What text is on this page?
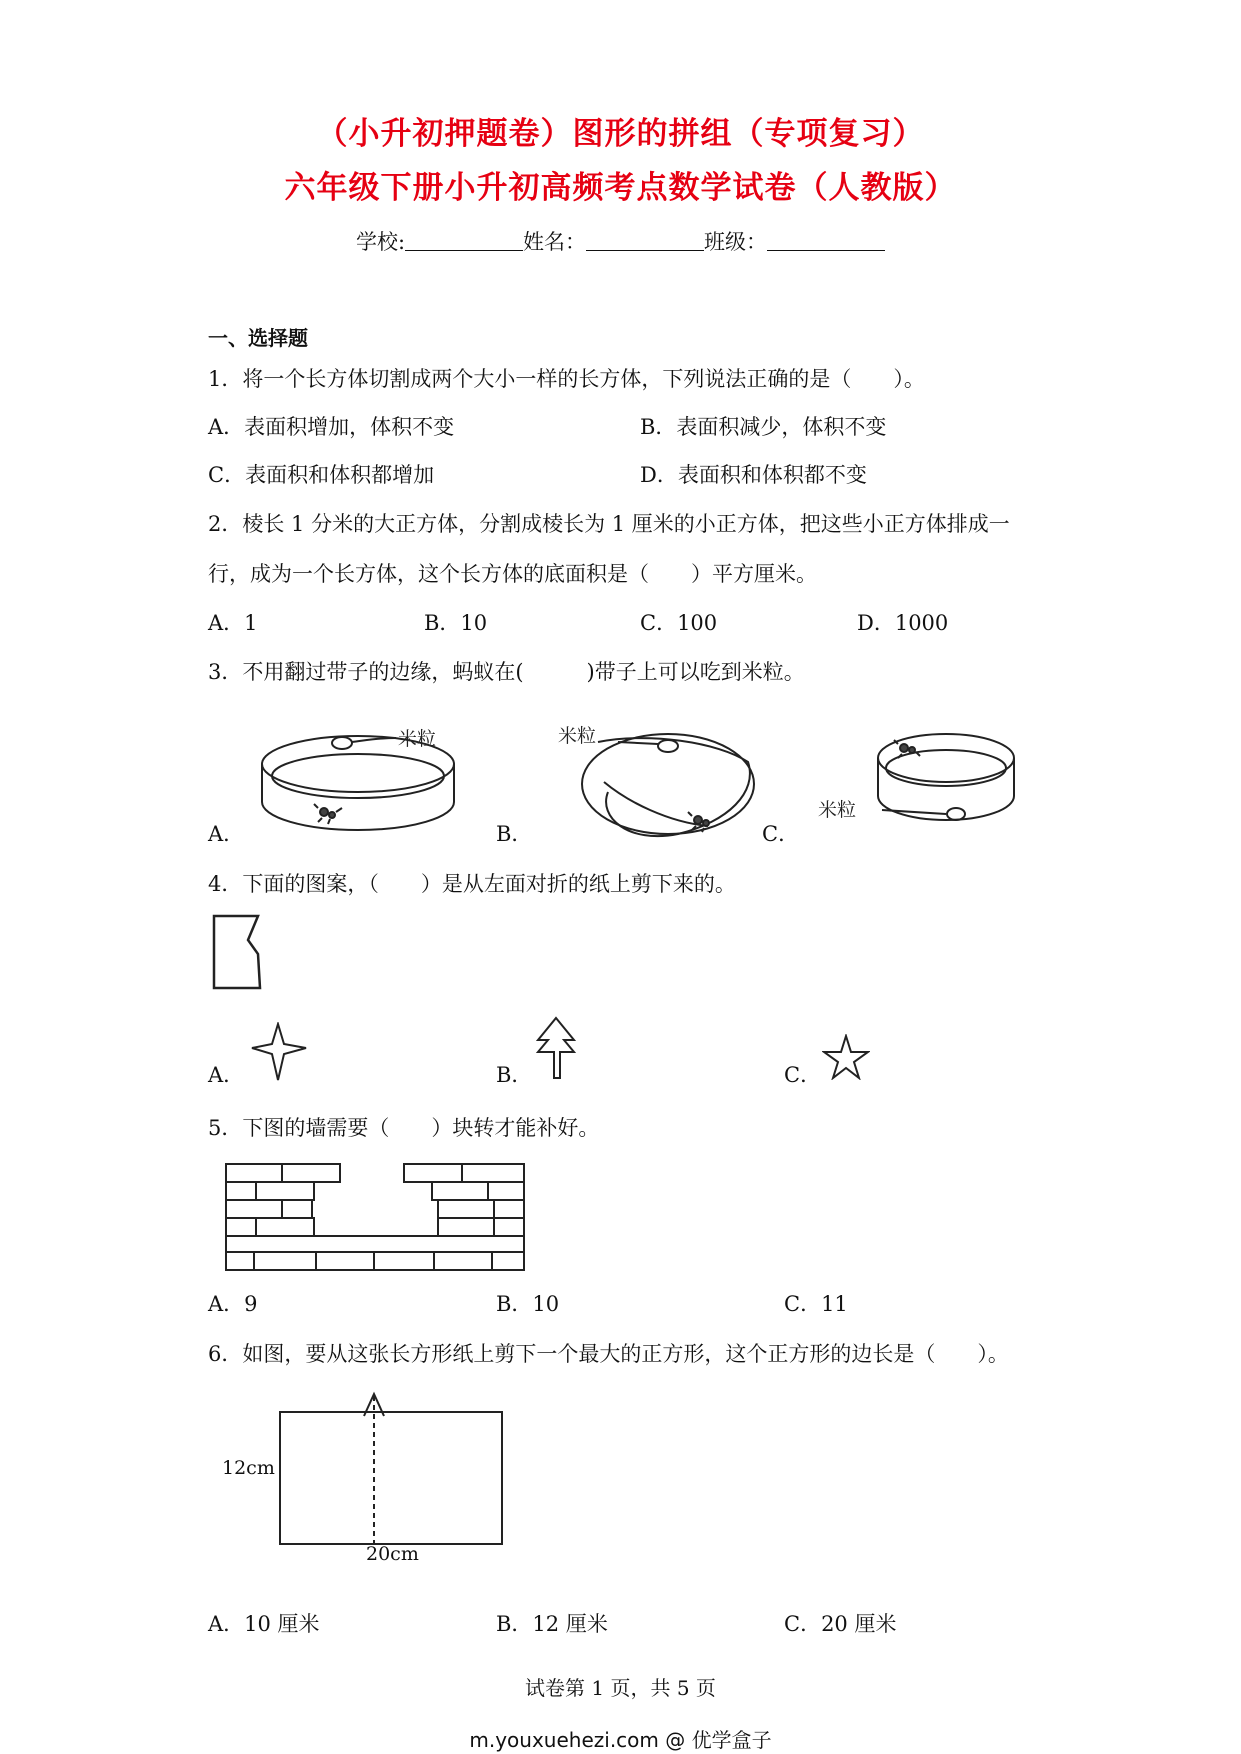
（小升初押题卷）图形的拼组（专项复习）
六年级下册小升初高频考点数学试卷（人教版）
学校:	姓名：	班级：
一、选择题
1．将一个长方体切割成两个大小一样的长方体，下列说法正确的是（　　）。
A．表面积增加，体积不变	B．表面积减少，体积不变
C．表面积和体积都增加	D．表面积和体积都不变
2．棱长 1 分米的大正方体，分割成棱长为 1 厘米的小正方体，把这些小正方体排成一
行，成为一个长方体，这个长方体的底面积是（　　）平方厘米。
A．1	B．10	C．100	D．1000
3．不用翻过带子的边缘，蚂蚁在(　　　)带子上可以吃到米粒。
A．	B．	C．
米粒	米粒
米粒
4．下面的图案，（　　）是从左面对折的纸上剪下来的。
A．	B．	C．
5．下图的墙需要（　　）块转才能补好。
A．9	B．10	C．11
6．如图，要从这张长方形纸上剪下一个最大的正方形，这个正方形的边长是（　　）。
12cm
20cm
A．10 厘米	B．12 厘米	C．20 厘米
试卷第 1 页，共 5 页
m.youxuehezi.com @ 优学盒子
